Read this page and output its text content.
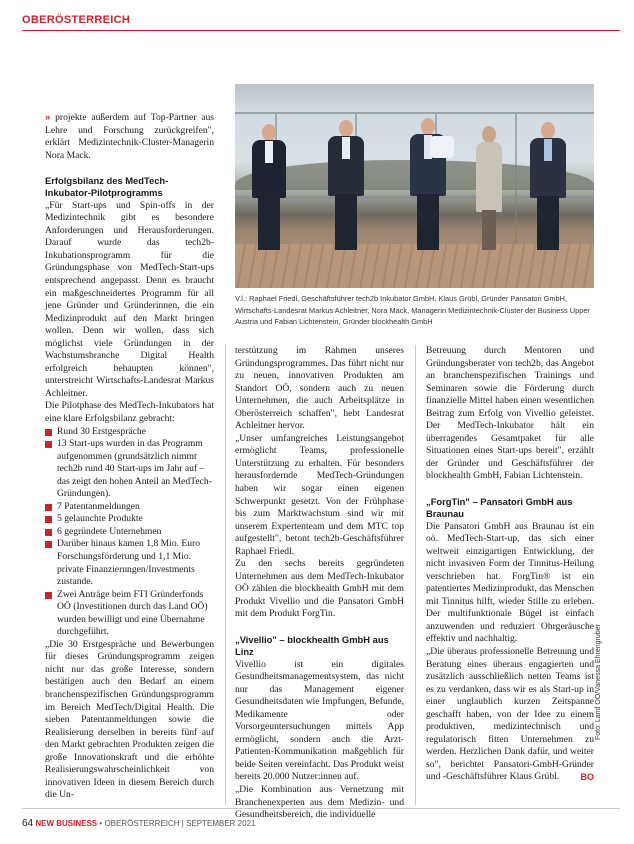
OBERÖSTERREICH

» projekte außerdem auf Top-Partner aus Lehre und Forschung zurückgreifen", erklärt Medizintechnik-Cluster-Managerin Nora Mack.

Erfolgsbilanz des MedTech-Inkubator-Pilotprogramms

„Für Start-ups und Spin-offs in der Medizintechnik gibt es besondere Anforderungen und Herausforderungen. Darauf wurde das tech2b-Inkubationsprogramm für die Gründungsphase von MedTech-Start-ups entsprechend angepasst. Denn es braucht ein maßgeschneidertes Programm für all jene Gründer und Gründerinnen, die ein Medizinprodukt auf den Markt bringen wollen. Denn wir wollen, dass sich möglichst viele Gründungen in der Wachstumsbranche Digital Health erfolgreich behaupten können", unterstreicht Wirtschafts-Landesrat Markus Achleitner.

Die Pilotphase des MedTech-Inkubators hat eine klare Erfolgsbilanz gebracht:

Rund 30 Erstgespräche
13 Start-ups wurden in das Programm aufgenommen (grundsätzlich nimmt tech2b rund 40 Start-ups im Jahr auf – das zeigt den hohen Anteil an MedTech-Gründungen).
7 Patentanmeldungen
5 gelaunchte Produkte
6 gegründete Unternehmen
Darüber hinaus kamen 1,8 Mio. Euro Forschungsförderung und 1,1 Mio. private Finanzierungen/Investments zustande.
Zwei Anträge beim FTI Gründerfonds OÖ (Investitionen durch das Land OÖ) wurden bewilligt und eine Übernahme durchgeführt.

„Die 30 Erstgespräche und Bewerbungen für dieses Gründungsprogramm zeigen nicht nur das große Interesse, sondern bestätigen auch den Bedarf an einem branchenspezifischen Gründungsprogramm im Bereich MedTech/Digital Health. Die sieben Patentanmeldungen sowie die Realisierung derselben in bereits fünf auf den Markt gebrachten Produkten zeigen die große Innovationskraft und die erhöhte Realisierungswahrscheinlichkeit von innovativen Ideen in diesem Bereich durch die Un-

V.l.: Raphael Friedl, Geschäftsführer tech2b Inkubator GmbH, Klaus Grübl, Gründer Pansatori GmbH, Wirtschafts-Landesrat Markus Achleitner, Nora Mack, Managerin Medizintechnik-Cluster der Business Upper Austria und Fabian Lichtenstein, Gründer blockhealth GmbH
Foto: Land OÖ/Vanessa Ehrengruber

terstützung im Rahmen unseres Gründungsprogrammes. Das führt nicht nur zu neuen, innovativen Produkten am Standort OÖ, sondern auch zu neuen Unternehmen, die auch Arbeitsplätze in Oberösterreich schaffen", hebt Landesrat Achleitner hervor.

„Unser umfangreiches Leistungsangebot ermöglicht Teams, professionelle Unterstützung zu erhalten. Für besonders herausfordernde MedTech-Gründungen haben wir sogar einen eigenen Schwerpunkt gesetzt. Von der Frühphase bis zum Marktwachstum sind wir mit unserem Expertenteam und dem MTC top aufgestellt", betont tech2b-Geschäftsführer Raphael Friedl.

Zu den sechs bereits gegründeten Unternehmen aus dem MedTech-Inkubator OÖ zählen die blockhealth GmbH mit dem Produkt Vivellio und die Pansatori GmbH mit dem Produkt ForgTin.

„Vivellio" – blockhealth GmbH aus Linz

Vivellio ist ein digitales Gesundheitsmanagementsystem, das nicht nur das Management eigener Gesundheitsdaten wie Impfungen, Befunde, Medikamente oder Vorsorgeuntersuchungen mittels App ermöglicht, sondern auch die Arzt-Patienten-Kommunikation maßgeblich für beide Seiten vereinfacht. Das Produkt weist bereits 20.000 Nutzer:innen auf.

„Die Kombination aus Vernetzung mit Branchenexperten aus dem Medizin- und Gesundheitsbereich, die individuelle

Betreuung durch Mentoren und Gründungsberater von tech2b, das Angebot an branchenspezifischen Trainings und Seminaren sowie die Förderung durch finanzielle Mittel haben einen wesentlichen Beitrag zum Erfolg von Vivellio geleistet. Der MedTech-Inkubator hält ein überragendes Gesamtpaket für alle Situationen eines Start-ups bereit", erzählt der Gründer und Geschäftsführer der blockhealth GmbH, Fabian Lichtenstein.

„ForgTin" – Pansatori GmbH aus Braunau

Die Pansatori GmbH aus Braunau ist ein oö. MedTech-Start-up, das sich einer weltweit einzigartigen Entwicklung, der nicht invasiven Form der Tinnitus-Heilung verschrieben hat. ForgTin® ist ein patentiertes Medizinprodukt, das Menschen mit Tinnitus hilft, wieder Stille zu erleben. Der multifunktionale Bügel ist einfach anzuwenden und reduziert Ohrgeräusche effektiv und nachhaltig.

„Die überaus professionelle Betreuung und Beratung eines überaus engagierten und zusätzlich ausschließlich netten Teams ist es zu verdanken, dass wir es als Start-up in einer unglaublich kurzen Zeitspanne geschafft haben, von der Idee zu einem produktiven, medizintechnisch und regulatorisch fitten Unternehmen zu werden. Herzlichen Dank dafür, und weiter so", berichtet Pansatori-GmbH-Gründer und -Geschäftsführer Klaus Grübl. BO

64 NEW BUSINESS • OBERÖSTERREICH | SEPTEMBER 2021
